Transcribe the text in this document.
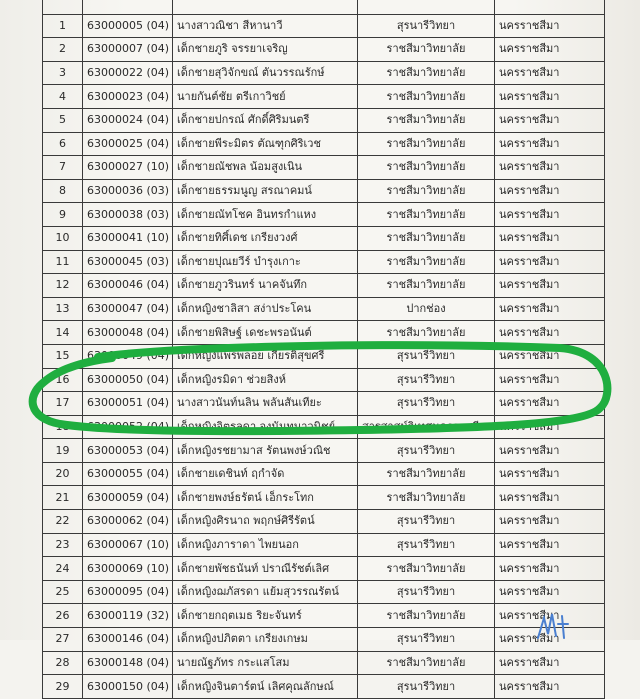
1	63000005 (04)	นางสาวณิชา สีหานาวี	สุรนารีวิทยา	นครราชสีมา
2	63000007 (04)	เด็กชายภูริ จรรยาเจริญ	ราชสีมาวิทยาลัย	นครราชสีมา
3	63000022 (04)	เด็กชายสุวิจักขณ์ ตันวรรณรักษ์	ราชสีมาวิทยาลัย	นครราชสีมา
4	63000023 (04)	นายกันต์ชัย ตรีเกาวิชย์	ราชสีมาวิทยาลัย	นครราชสีมา
5	63000024 (04)	เด็กชายปกรณ์ ศักดิ์ศิริมนตรี	ราชสีมาวิทยาลัย	นครราชสีมา
6	63000025 (04)	เด็กชายพีระมิตร ตัณฑุกศิริเวช	ราชสีมาวิทยาลัย	นครราชสีมา
7	63000027 (10)	เด็กชายณัชพล น้อมสูงเนิน	ราชสีมาวิทยาลัย	นครราชสีมา
8	63000036 (03)	เด็กชายธรรมนูญ สรณาคมน์	ราชสีมาวิทยาลัย	นครราชสีมา
9	63000038 (03)	เด็กชายณัทโชค อินทรกำแหง	ราชสีมาวิทยาลัย	นครราชสีมา
10	63000041 (10)	เด็กชายทิศิ์เดช เกรียงวงศ์	ราชสีมาวิทยาลัย	นครราชสีมา
11	63000045 (03)	เด็กชายปุณยวีร์ บำรุงเกาะ	ราชสีมาวิทยาลัย	นครราชสีมา
12	63000046 (04)	เด็กชายภูวรินทร์ นาคจันทึก	ราชสีมาวิทยาลัย	นครราชสีมา
13	63000047 (04)	เด็กหญิงชาลิสา สง่าประโคน	ปากช่อง	นครราชสีมา
14	63000048 (04)	เด็กชายพิสิษฐ์ เดชะพรอนันต์	ราชสีมาวิทยาลัย	นครราชสีมา
15	63000049 (04)	เด็กหญิงแพรพลอย เกียรติสุขศรี	สุรนารีวิทยา	นครราชสีมา
16	63000050 (04)	เด็กหญิงรมิดา ช่วยสิงห์	สุรนารีวิทยา	นครราชสีมา
17	63000051 (04)	นางสาวนันท์นลิน พลันสันเทียะ	สุรนารีวิทยา	นครราชสีมา
18	63000052 (04)	เด็กหญิงจิตรลดา จงนันทนาวนิชย์	สารสาสน์วิเทศนครราชสีมา	นครราชสีมา
19	63000053 (04)	เด็กหญิงรชยามาส รัตนพงษ์วณิช	สุรนารีวิทยา	นครราชสีมา
20	63000055 (04)	เด็กชายเดชินท์ ฤกำจัด	ราชสีมาวิทยาลัย	นครราชสีมา
21	63000059 (04)	เด็กชายพงษ์ธรัตน์ เอ็กระโทก	ราชสีมาวิทยาลัย	นครราชสีมา
22	63000062 (04)	เด็กหญิงศิรนาถ พฤกษ์ศิรีรัตน์	สุรนารีวิทยา	นครราชสีมา
23	63000067 (10)	เด็กหญิงภาราดา ไพยนอก	สุรนารีวิทยา	นครราชสีมา
24	63000069 (10)	เด็กชายพัชธนันท์ ปราณีรัชต์เลิศ	ราชสีมาวิทยาลัย	นครราชสีมา
25	63000095 (04)	เด็กหญิงฌภัสรดา แย้มสุวรรณรัตน์	สุรนารีวิทยา	นครราชสีมา
26	63000119 (32)	เด็กชายกฤตเมธ ริยะจันทร์	ราชสีมาวิทยาลัย	นครราชสีมา
27	63000146 (04)	เด็กหญิงปภิตตา เกรียงเกษม	สุรนารีวิทยา	นครราชสีมา
28	63000148 (04)	นายณัฐภัทร กระแสโสม	ราชสีมาวิทยาลัย	นครราชสีมา
29	63000150 (04)	เด็กหญิงจินตาร์ตน์ เลิศคุณลักษณ์	สุรนารีวิทยา	นครราชสีมา
